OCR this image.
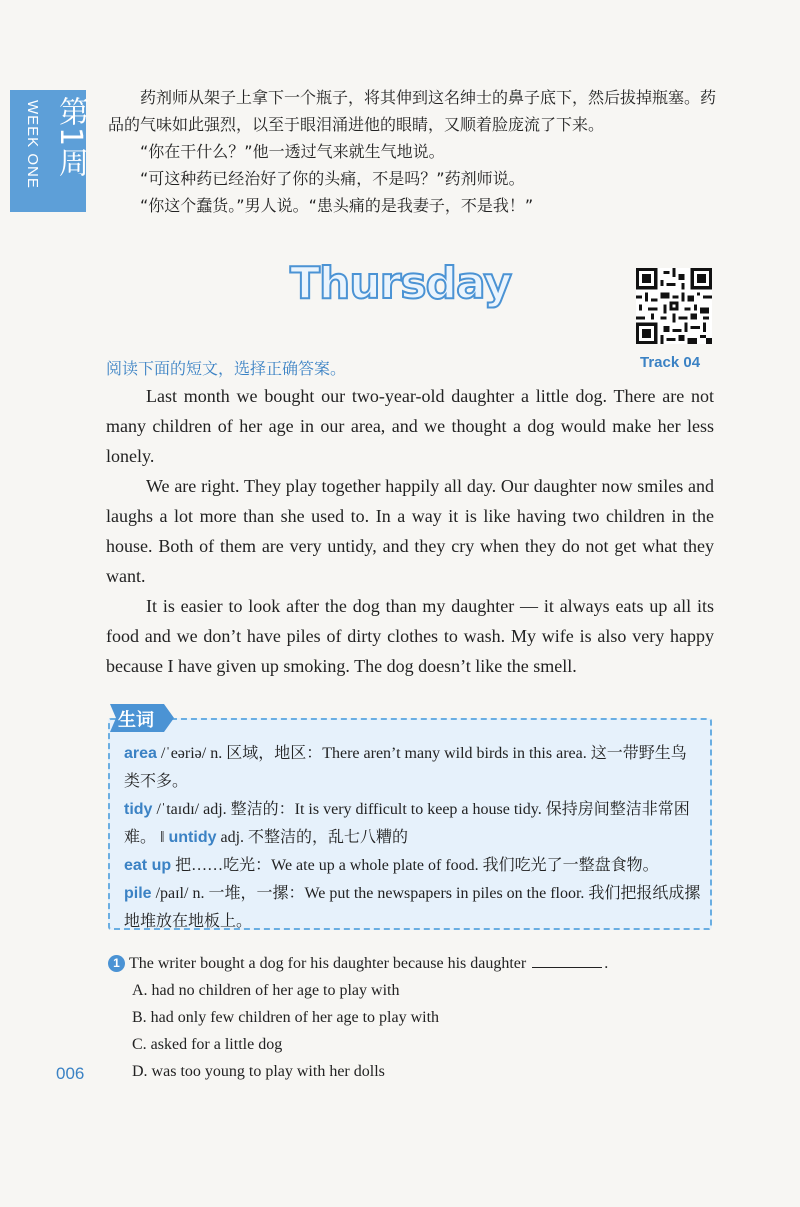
第1周
WEEK ONE

药剂师从架子上拿下一个瓶子，将其伸到这名绅士的鼻子底下，然后拔掉瓶塞。药品的气味如此强烈，以至于眼泪涌进他的眼睛，又顺着脸庞流了下来。

“你在干什么？”他一透过气来就生气地说。

“可这种药已经治好了你的头痛，不是吗？”药剂师说。

“你这个蠢货。”男人说。“患头痛的是我妻子，不是我！”

Thursday
Track 04
阅读下面的短文，选择正确答案。

Last month we bought our two-year-old daughter a little dog. There are not many children of her age in our area, and we thought a dog would make her less lonely.

We are right. They play together happily all day. Our daughter now smiles and laughs a lot more than she used to. In a way it is like having two children in the house. Both of them are very untidy, and they cry when they do not get what they want.

It is easier to look after the dog than my daughter — it always eats up all its food and we don’t have piles of dirty clothes to wash. My wife is also very happy because I have given up smoking. The dog doesn’t like the smell.

生词

area /ˈeəriə/ n. 区域，地区：There aren’t many wild birds in this area. 这一带野生鸟类不多。

tidy /ˈtaɪdɪ/ adj. 整洁的：It is very difficult to keep a house tidy. 保持房间整洁非常困难。 ‖ untidy adj. 不整洁的，乱七八糟的

eat up 把……吃光：We ate up a whole plate of food. 我们吃光了一整盘食物。

pile /paɪl/ n. 一堆，一摞：We put the newspapers in piles on the floor. 我们把报纸成摞地堆放在地板上。

1 The writer bought a dog for his daughter because his daughter	.
A. had no children of her age to play with
B. had only few children of her age to play with
C. asked for a little dog
D. was too young to play with her dolls
006
